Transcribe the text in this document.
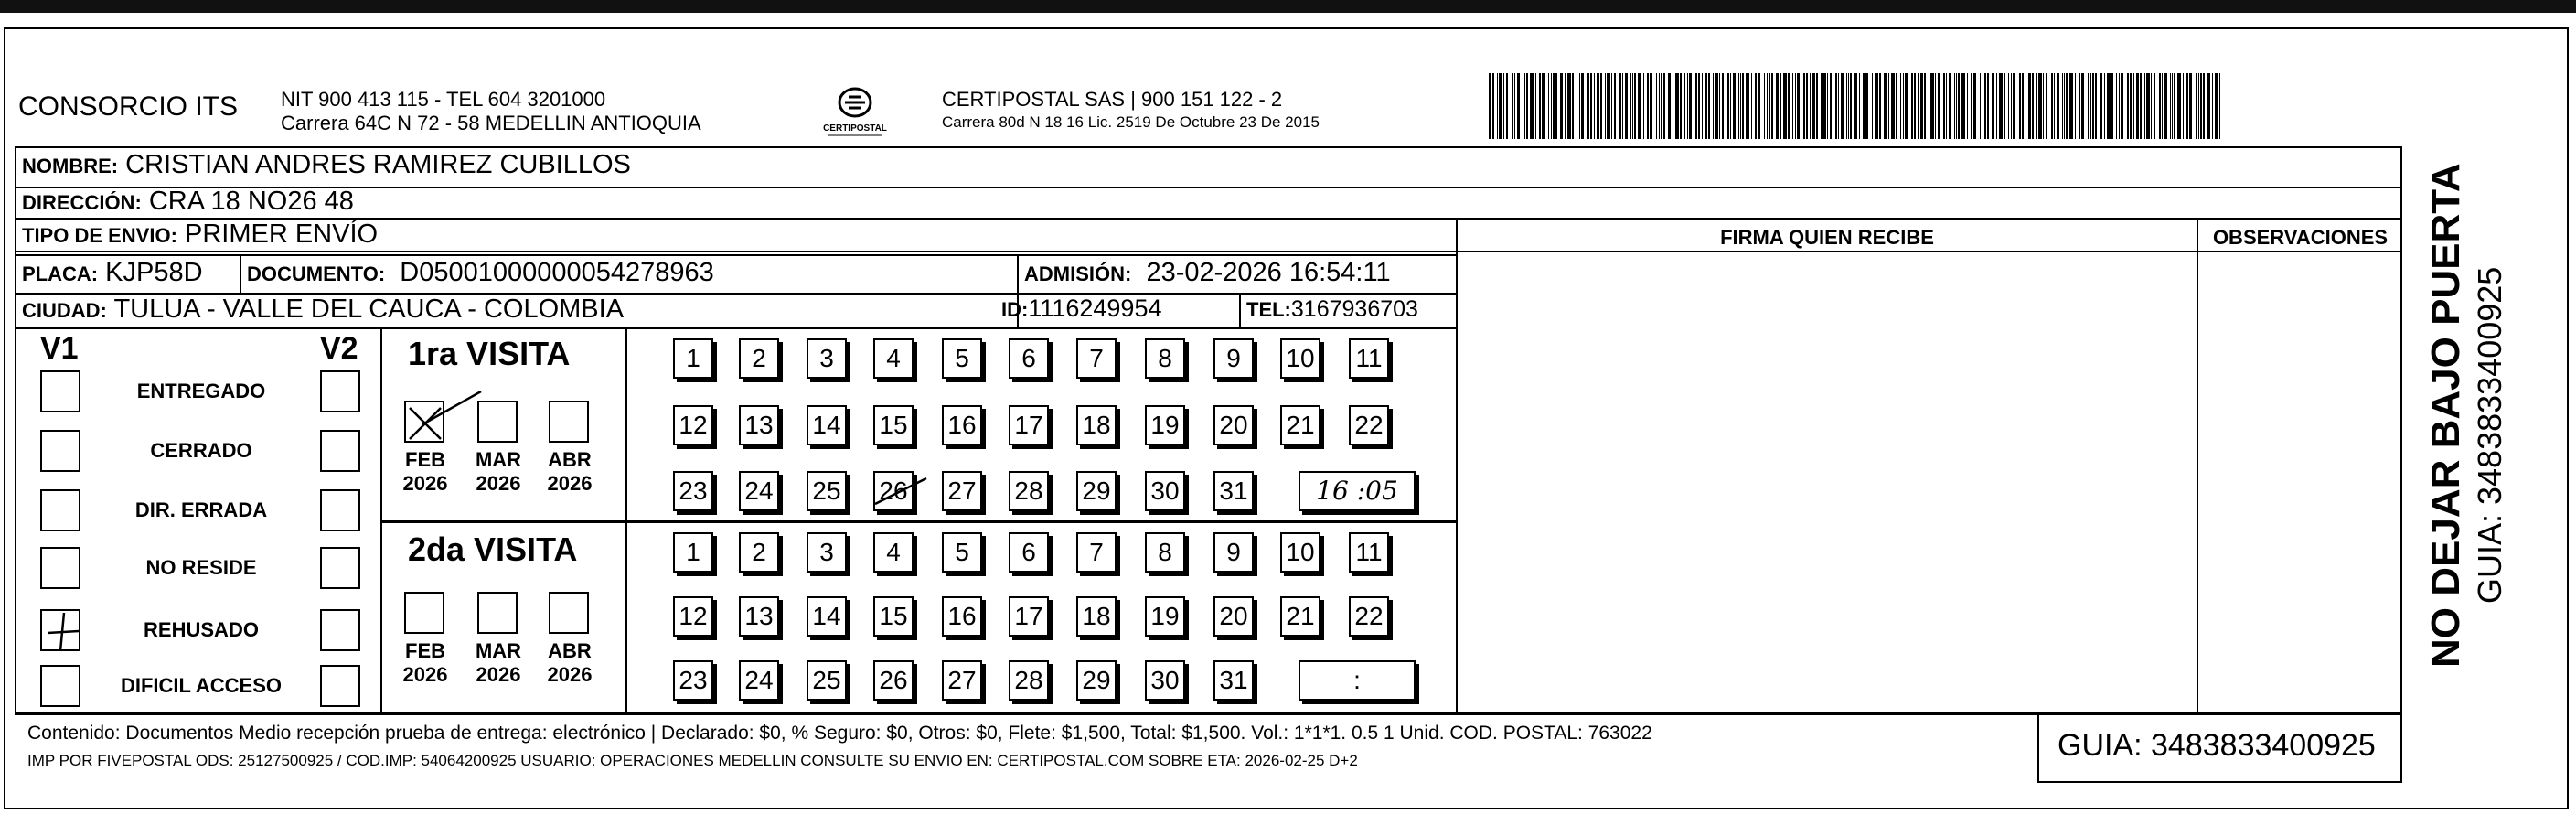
CONSORCIO ITS NIT 900 413 115 - TEL 604 3201000
Carrera 64C N 72 - 58 MEDELLIN ANTIOQUIA	CERTIPOSTAL
CERTIPOSTAL SAS | 900 151 122 - 2
Carrera 80d N 18 16 Lic. 2519 De Octubre 23 De 2015
NOMBRE: CRISTIAN ANDRES RAMIREZ CUBILLOS
DIRECCIÓN: CRA 18 NO26 48
TIPO DE ENVIO: PRIMER ENVÍO
PLACA: KJP58D DOCUMENTO: D05001000000054278963	ADMISIÓN: 23-02-2026 16:54:11
CIUDAD: TULUA - VALLE DEL CAUCA - COLOMBIA	ID:1116249954	TEL:3167936703
FIRMA QUIEN RECIBE	OBSERVACIONES
V1	V2
ENTREGADO
CERRADO
DIR. ERRADA
NO RESIDE
REHUSADO
DIFICIL ACCESO
1ra VISITA
2da VISITA
FEB
2026
MAR
2026
ABR
2026
1	2	3	4	5	6	7	8	9	10 11
12 13 14 15 16 17 18 19 20 21 22
23 24 25 26 27 28 29 30 31	16 :05
FEB
2026
MAR
2026
ABR
2026
1	2	3	4	5	6	7	8	9	10 11
12 13 14 15 16 17 18 19 20 21 22
23 24 25 26 27 28 29 30 31	:
Contenido: Documentos Medio recepción prueba de entrega: electrónico | Declarado: $0, % Seguro: $0, Otros: $0, Flete: $1,500, Total: $1,500. Vol.: 1*1*1. 0.5 1 Unid. COD. POSTAL: 763022
IMP POR FIVEPOSTAL ODS: 25127500925 / COD.IMP: 54064200925 USUARIO: OPERACIONES MEDELLIN CONSULTE SU ENVIO EN: CERTIPOSTAL.COM SOBRE ETA: 2026-02-25 D+2	GUIA: 3483833400925
NO DEJAR BAJO PUERTA GUIA: 3483833400925
